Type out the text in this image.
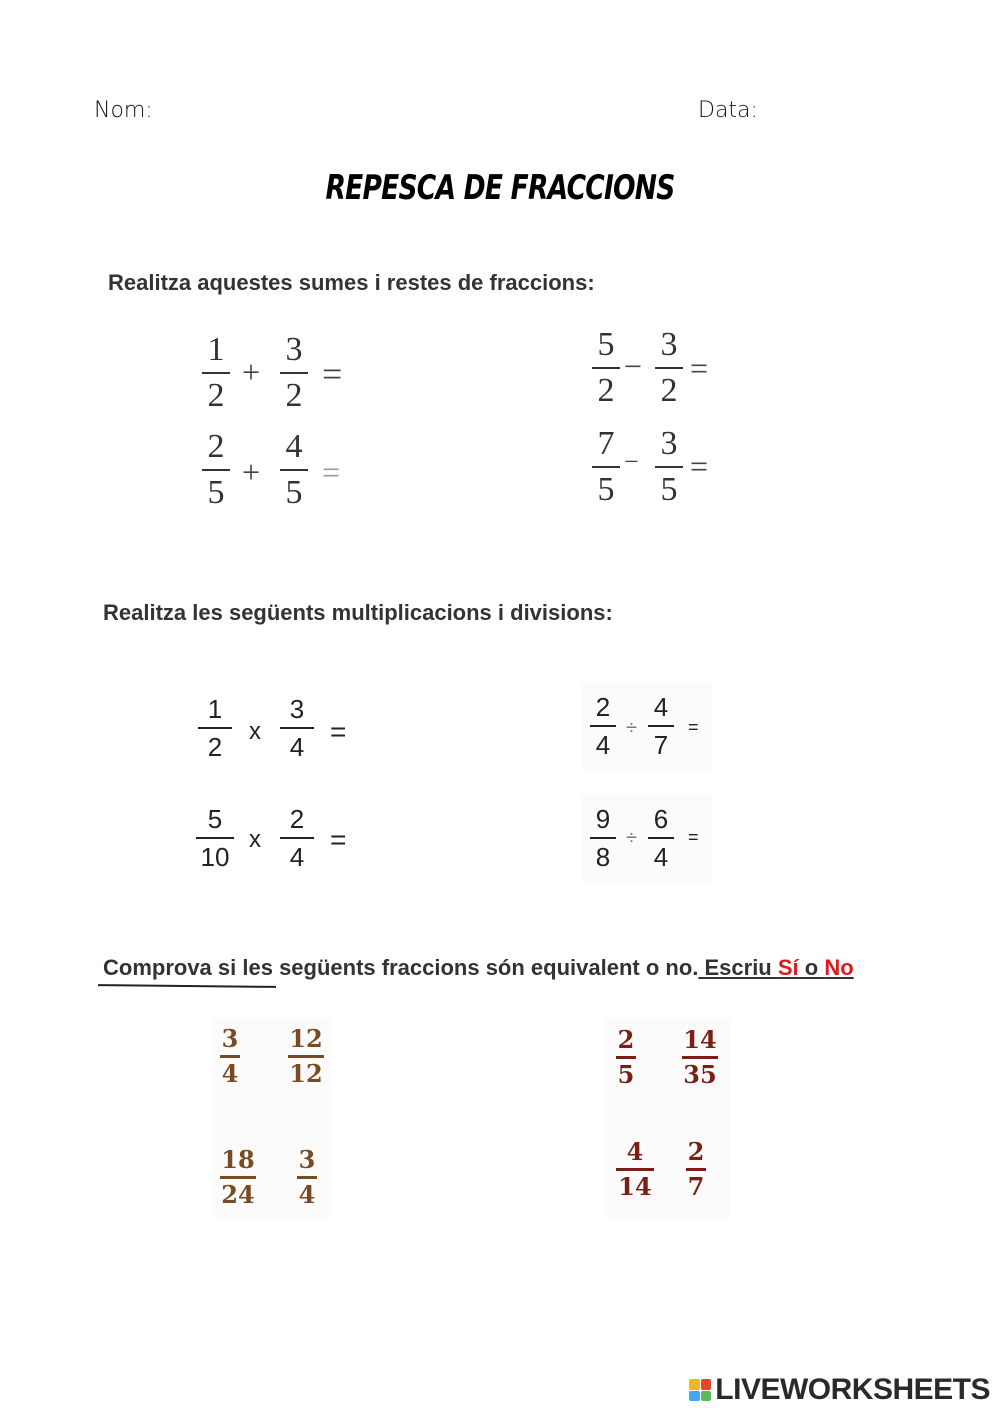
Nom:	Data:
REPESCA DE FRACCIONS
Realitza aquestes sumes i restes de fraccions:
1
2
+
3
2
=
5
2
−
3
2
=
2
5
+
4
5
=
7
5
− 3
5
=
Realitza les següents multiplicacions i divisions:
1
2
x
3
4 =
2
4
÷
4
7
=
5
10
x
2
4
=
9
8
÷
6
4
=
Comprova si les següents fraccions són equivalent o no. Escriu Sí o No
3
4
12
12
2
5
14
35
18
24
3
4
4
14
2
7
LIVEWORKSHEETS
